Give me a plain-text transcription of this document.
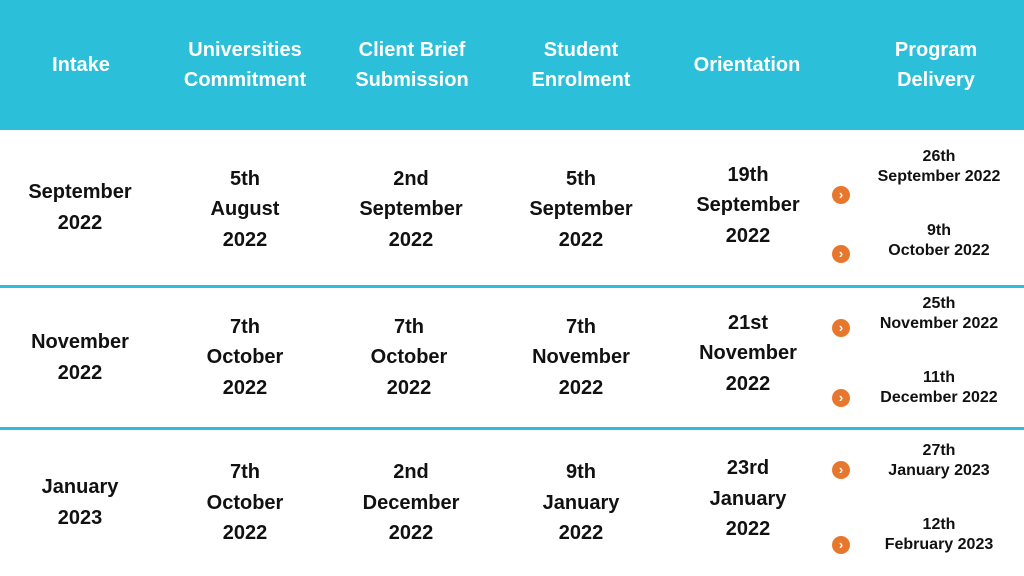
Intake
Universities
Commitment
Client Brief
Submission
Student
Enrolment
Orientation
Program
Delivery
September
2022
5th
August
2022
2nd
September
2022
5th
September
2022
19th
September
2022
›
26th
September 2022
›
9th
October 2022
November
2022
7th
October
2022
7th
October
2022
7th
November
2022
21st
November
2022
›
25th
November 2022
›
11th
December 2022
January
2023
7th
October
2022
2nd
December
2022
9th
January
2022
23rd
January
2022
›
27th
January 2023
›
12th
February 2023
